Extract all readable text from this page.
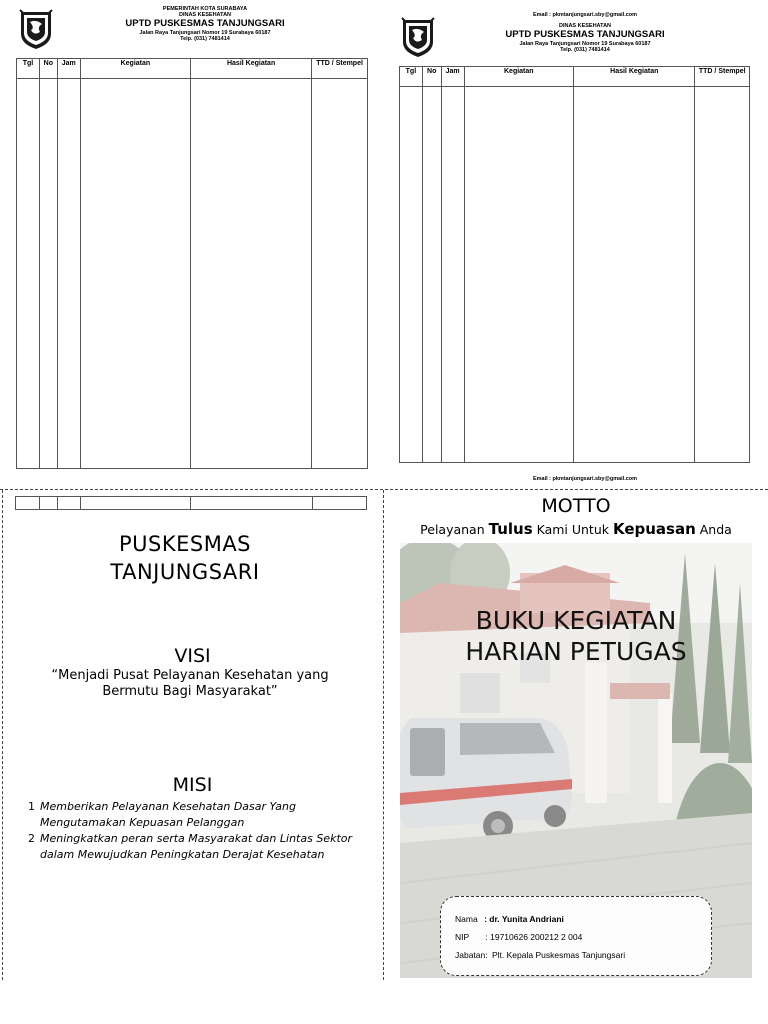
PEMERINTAH KOTA SURABAYA
DINAS KESEHATAN
UPTD PUSKESMAS TANJUNGSARI
Jalan Raya Tanjungsari Nomor 19 Surabaya 60187
Telp. (031) 7481414
Tgl	No	Jam	Kegiatan	Hasil Kegiatan	TTD / Stempel

Email : pkmtanjungsari.sby@gmail.com
DINAS KESEHATAN
UPTD PUSKESMAS TANJUNGSARI
Jalan Raya Tanjungsari Nomor 19 Surabaya 60187
Telp. (031) 7481414
Tgl	No	Jam	Kegiatan	Hasil Kegiatan	TTD / Stempel

Email : pkmtanjungsari.sby@gmail.com
PUSKESMAS
TANJUNGSARI
VISI
“Menjadi Pusat Pelayanan Kesehatan yang Bermutu Bagi Masyarakat”
MISI
1 Memberikan Pelayanan Kesehatan Dasar Yang Mengutamakan Kepuasan Pelanggan
2 Meningkatkan peran serta Masyarakat dan Lintas Sektor dalam Mewujudkan Peningkatan Derajat Kesehatan
MOTTO
Pelayanan Tulus Kami Untuk Kepuasan Anda
BUKU KEGIATAN
HARIAN PETUGAS
Nama : dr. Yunita Andriani
NIP : 19710626 200212 2 004
Jabatan: Plt. Kepala Puskesmas Tanjungsari
